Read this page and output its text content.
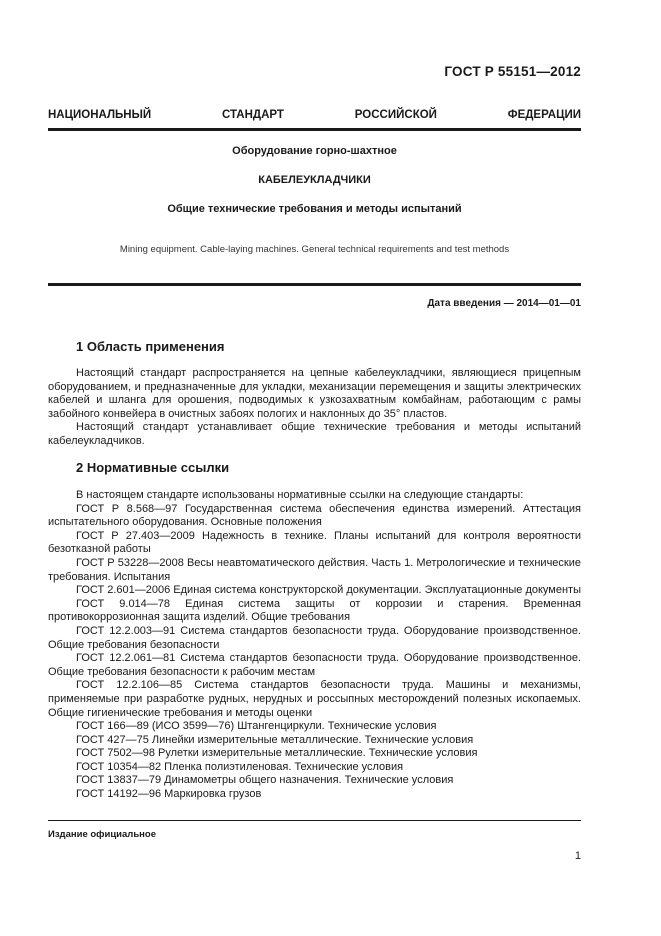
ГОСТ Р 55151—2012
НАЦИОНАЛЬНЫЙ	СТАНДАРТ	РОССИЙСКОЙ	ФЕДЕРАЦИИ
Оборудование горно-шахтное
КАБЕЛЕУКЛАДЧИКИ
Общие технические требования и методы испытаний
Mining equipment. Cable-laying machines. General technical requirements and test methods
Дата введения — 2014—01—01
1 Область применения

Настоящий стандарт распространяется на цепные кабелеукладчики, являющиеся прицепным оборудованием, и предназначенные для укладки, механизации перемещения и защиты электрических кабелей и шланга для орошения, подводимых к узкозахватным комбайнам, работающим с рамы забойного конвейера в очистных забоях пологих и наклонных до 35° пластов.

Настоящий стандарт устанавливает общие технические требования и методы испытаний кабелеукладчиков.

2 Нормативные ссылки

В настоящем стандарте использованы нормативные ссылки на следующие стандарты:

ГОСТ Р 8.568—97 Государственная система обеспечения единства измерений. Аттестация испытательного оборудования. Основные положения

ГОСТ Р 27.403—2009 Надежность в технике. Планы испытаний для контроля вероятности безотказной работы

ГОСТ Р 53228—2008 Весы неавтоматического действия. Часть 1. Метрологические и технические требования. Испытания

ГОСТ 2.601—2006 Единая система конструкторской документации. Эксплуатационные документы

ГОСТ 9.014—78 Единая система защиты от коррозии и старения. Временная противокоррозионная защита изделий. Общие требования

ГОСТ 12.2.003—91 Система стандартов безопасности труда. Оборудование производственное. Общие требования безопасности

ГОСТ 12.2.061—81 Система стандартов безопасности труда. Оборудование производственное. Общие требования безопасности к рабочим местам

ГОСТ 12.2.106—85 Система стандартов безопасности труда. Машины и механизмы, применяемые при разработке рудных, нерудных и россыпных месторождений полезных ископаемых. Общие гигиенические требования и методы оценки

ГОСТ 166—89 (ИСО 3599—76) Штангенциркули. Технические условия

ГОСТ 427—75 Линейки измерительные металлические. Технические условия

ГОСТ 7502—98 Рулетки измерительные металлические. Технические условия

ГОСТ 10354—82 Пленка полиэтиленовая. Технические условия

ГОСТ 13837—79 Динамометры общего назначения. Технические условия

ГОСТ 14192—96 Маркировка грузов

Издание официальное
1
